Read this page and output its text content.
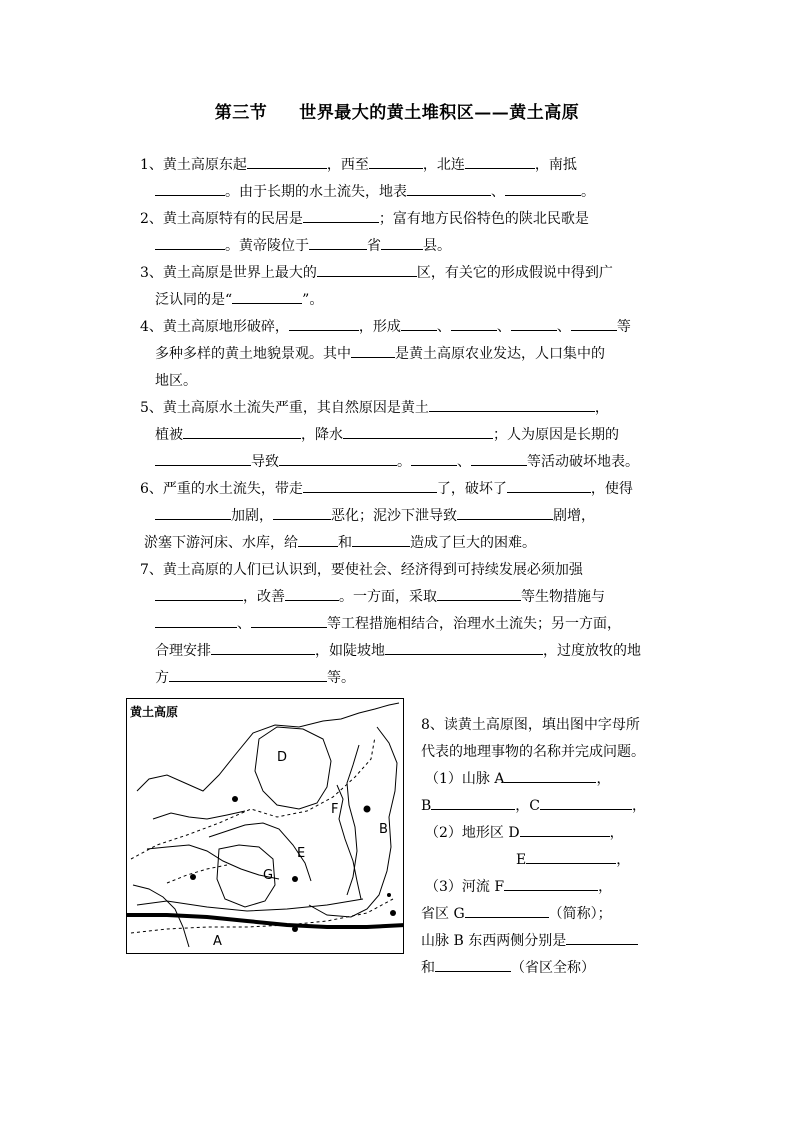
第三节 世界最大的黄土堆积区——黄土高原
1、黄土高原东起	，西至	，北连	，南抵
。由于长期的水土流失，地表	、	。
2、黄土高原特有的民居是	；富有地方民俗特色的陕北民歌是
。黄帝陵位于	省	县。
3、黄土高原是世界上最大的	区，有关它的形成假说中得到广
泛认同的是“	”。
4、黄土高原地形破碎，	，形成	、	、	、	等
多种多样的黄土地貌景观。其中	是黄土高原农业发达，人口集中的
地区。
5、黄土高原水土流失严重，其自然原因是黄土	，
植被	，降水	；人为原因是长期的
导致	。	、	等活动破坏地表。
6、严重的水土流失，带走	了，破坏了	，使得
加剧，	恶化；泥沙下泄导致	剧增，
淤塞下游河床、水库，给	和	造成了巨大的困难。
7、黄土高原的人们已认识到，要使社会、经济得到可持续发展必须加强
，改善	。一方面，采取	等生物措施与
、	等工程措施相结合，治理水土流失；另一方面，
合理安排	，如陡坡地	，过度放牧的地
方	等。
黄土高原
D
E
F
G
B
A
8、读黄土高原图，填出图中字母所
代表的地理事物的名称并完成问题。
（1）山脉 A	，
B	，C	，
（2）地形区 D	，
E	，
（3）河流 F	，
省区 G	（简称）；
山脉 B 东西两侧分别是
和	（省区全称）
